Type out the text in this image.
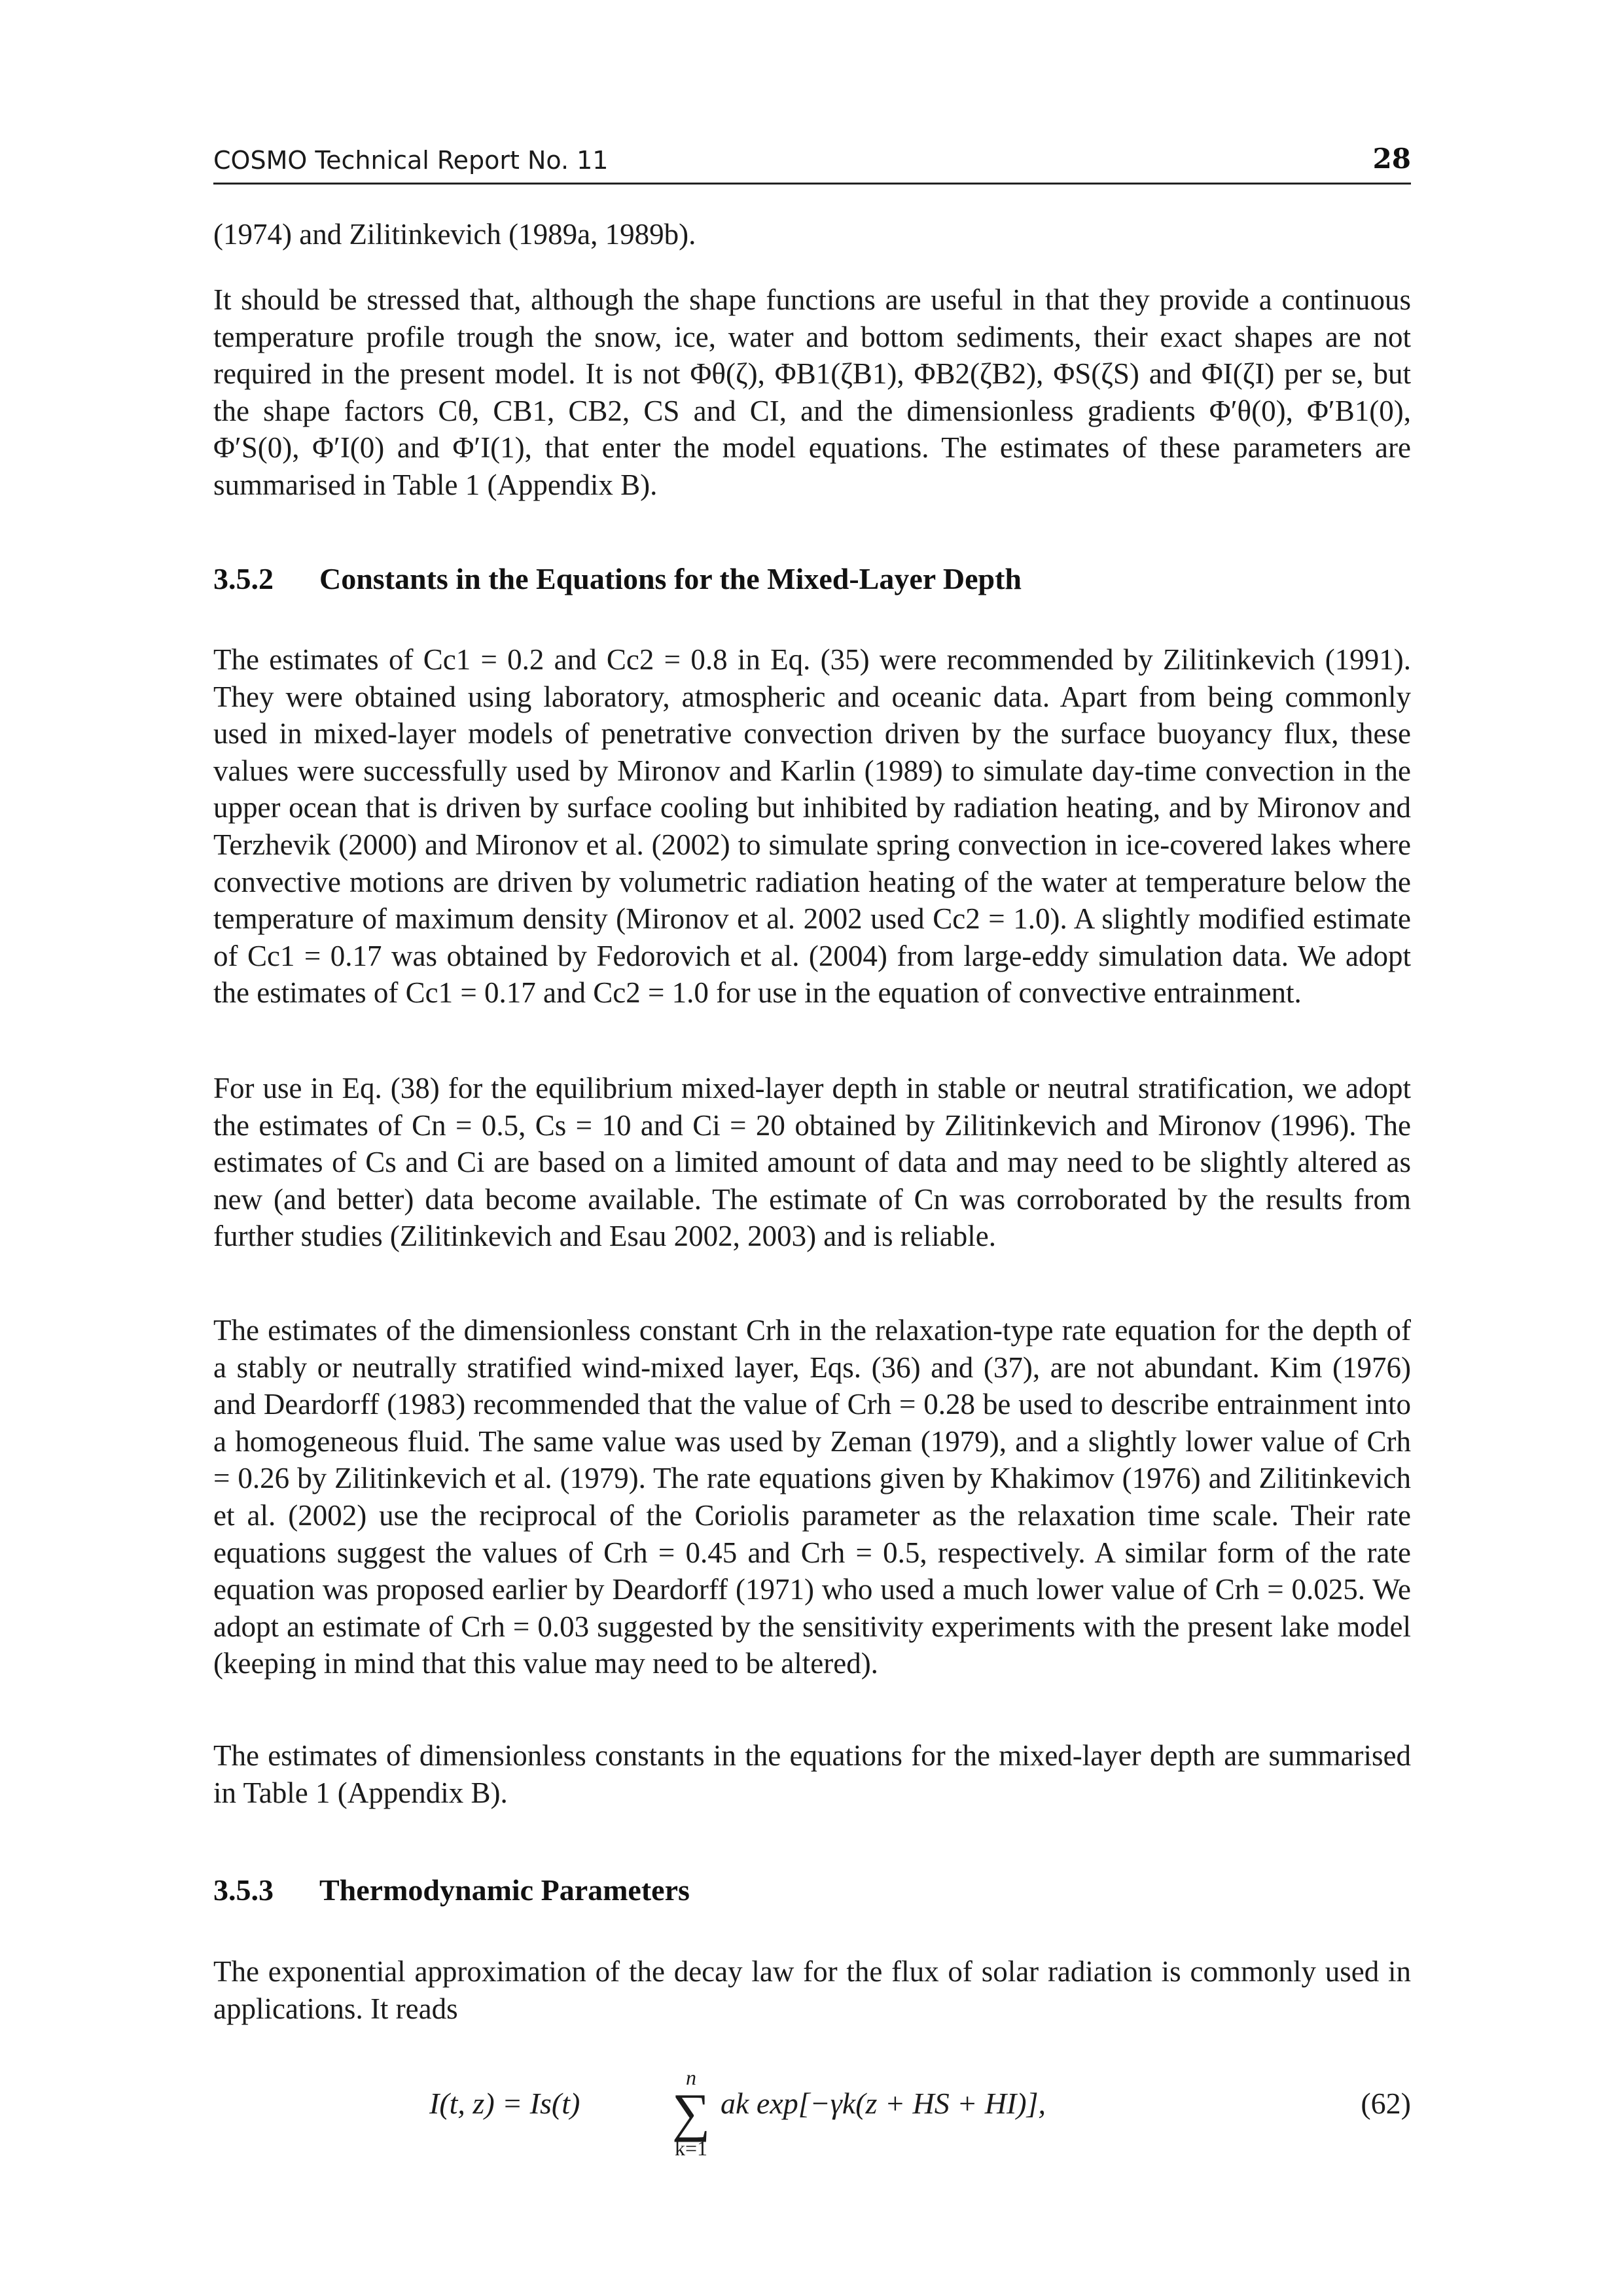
COSMO Technical Report No. 11	28

(1974) and Zilitinkevich (1989a, 1989b).

It should be stressed that, although the shape functions are useful in that they provide a continuous temperature profile trough the snow, ice, water and bottom sediments, their exact shapes are not required in the present model. It is not Φθ(ζ), ΦB1(ζB1), ΦB2(ζB2), ΦS(ζS) and ΦI(ζI) per se, but the shape factors Cθ, CB1, CB2, CS and CI, and the dimensionless gradients Φ′θ(0), Φ′B1(0), Φ′S(0), Φ′I(0) and Φ′I(1), that enter the model equations. The estimates of these parameters are summarised in Table 1 (Appendix B).

3.5.2 Constants in the Equations for the Mixed-Layer Depth

The estimates of Cc1 = 0.2 and Cc2 = 0.8 in Eq. (35) were recommended by Zilitinkevich (1991). They were obtained using laboratory, atmospheric and oceanic data. Apart from being commonly used in mixed-layer models of penetrative convection driven by the surface buoyancy flux, these values were successfully used by Mironov and Karlin (1989) to simulate day-time convection in the upper ocean that is driven by surface cooling but inhibited by radiation heating, and by Mironov and Terzhevik (2000) and Mironov et al. (2002) to simulate spring convection in ice-covered lakes where convective motions are driven by volumetric radiation heating of the water at temperature below the temperature of maximum density (Mironov et al. 2002 used Cc2 = 1.0). A slightly modified estimate of Cc1 = 0.17 was obtained by Fedorovich et al. (2004) from large-eddy simulation data. We adopt the estimates of Cc1 = 0.17 and Cc2 = 1.0 for use in the equation of convective entrainment.

For use in Eq. (38) for the equilibrium mixed-layer depth in stable or neutral stratification, we adopt the estimates of Cn = 0.5, Cs = 10 and Ci = 20 obtained by Zilitinkevich and Mironov (1996). The estimates of Cs and Ci are based on a limited amount of data and may need to be slightly altered as new (and better) data become available. The estimate of Cn was corroborated by the results from further studies (Zilitinkevich and Esau 2002, 2003) and is reliable.

The estimates of the dimensionless constant Crh in the relaxation-type rate equation for the depth of a stably or neutrally stratified wind-mixed layer, Eqs. (36) and (37), are not abundant. Kim (1976) and Deardorff (1983) recommended that the value of Crh = 0.28 be used to describe entrainment into a homogeneous fluid. The same value was used by Zeman (1979), and a slightly lower value of Crh = 0.26 by Zilitinkevich et al. (1979). The rate equations given by Khakimov (1976) and Zilitinkevich et al. (2002) use the reciprocal of the Coriolis parameter as the relaxation time scale. Their rate equations suggest the values of Crh = 0.45 and Crh = 0.5, respectively. A similar form of the rate equation was proposed earlier by Deardorff (1971) who used a much lower value of Crh = 0.025. We adopt an estimate of Crh = 0.03 suggested by the sensitivity experiments with the present lake model (keeping in mind that this value may need to be altered).

The estimates of dimensionless constants in the equations for the mixed-layer depth are summarised in Table 1 (Appendix B).

3.5.3 Thermodynamic Parameters

The exponential approximation of the decay law for the flux of solar radiation is commonly used in applications. It reads

I(t, z) = Is(t)
n
∑
k=1
ak exp[−γk(z + HS + HI)],	(62)
